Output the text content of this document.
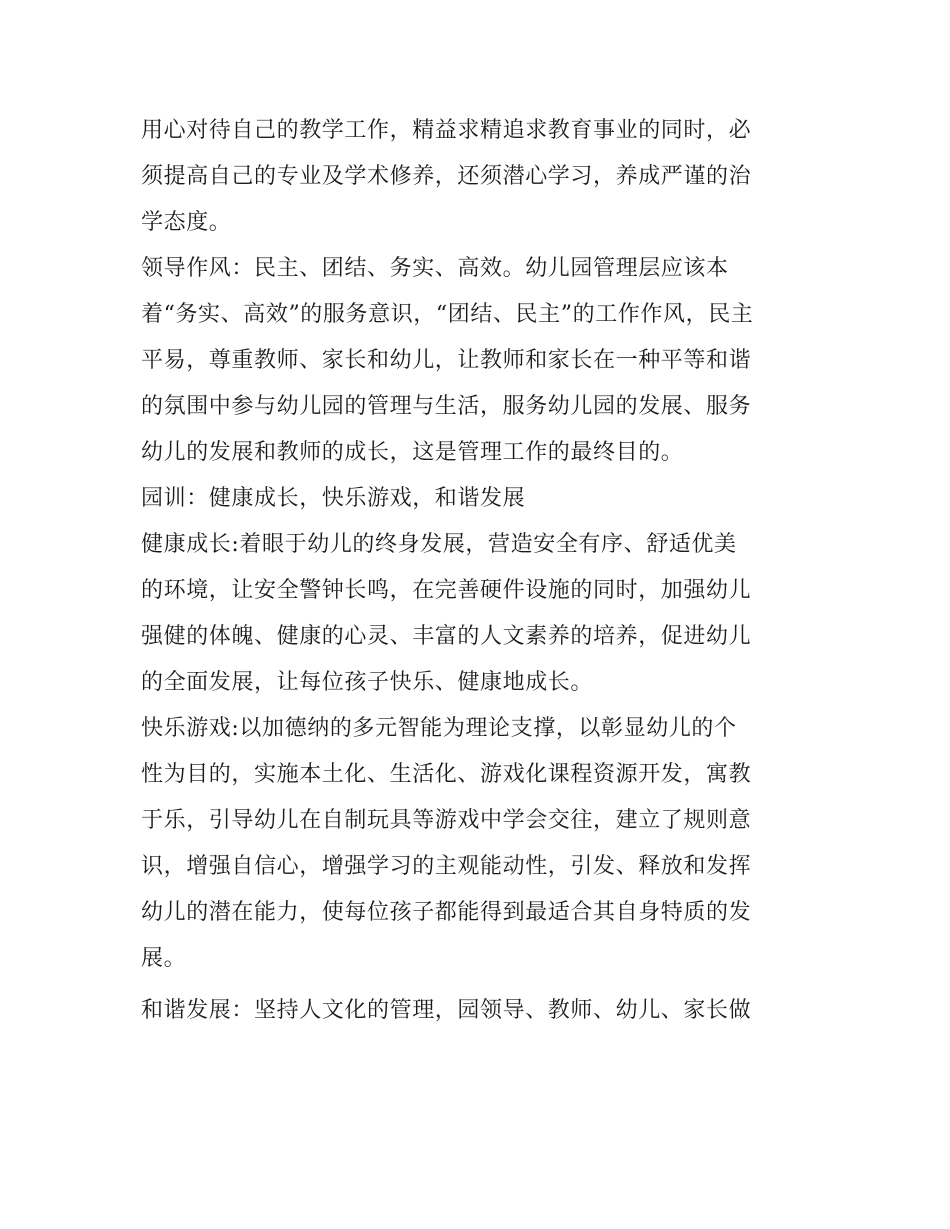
用心对待自己的教学工作，精益求精追求教育事业的同时，必
须提高自己的专业及学术修养，还须潜心学习，养成严谨的治
学态度。
领导作风：民主、团结、务实、高效。幼儿园管理层应该本
着“务实、高效”的服务意识，“团结、民主”的工作作风，民主
平易，尊重教师、家长和幼儿，让教师和家长在一种平等和谐
的氛围中参与幼儿园的管理与生活，服务幼儿园的发展、服务
幼儿的发展和教师的成长，这是管理工作的最终目的。
园训：健康成长，快乐游戏，和谐发展
健康成长:着眼于幼儿的终身发展，营造安全有序、舒适优美
的环境，让安全警钟长鸣，在完善硬件设施的同时，加强幼儿
强健的体魄、健康的心灵、丰富的人文素养的培养，促进幼儿
的全面发展，让每位孩子快乐、健康地成长。
快乐游戏:以加德纳的多元智能为理论支撑，以彰显幼儿的个
性为目的，实施本土化、生活化、游戏化课程资源开发，寓教
于乐，引导幼儿在自制玩具等游戏中学会交往，建立了规则意
识，增强自信心，增强学习的主观能动性，引发、释放和发挥
幼儿的潜在能力，使每位孩子都能得到最适合其自身特质的发
展。
和谐发展：坚持人文化的管理，园领导、教师、幼儿、家长做
